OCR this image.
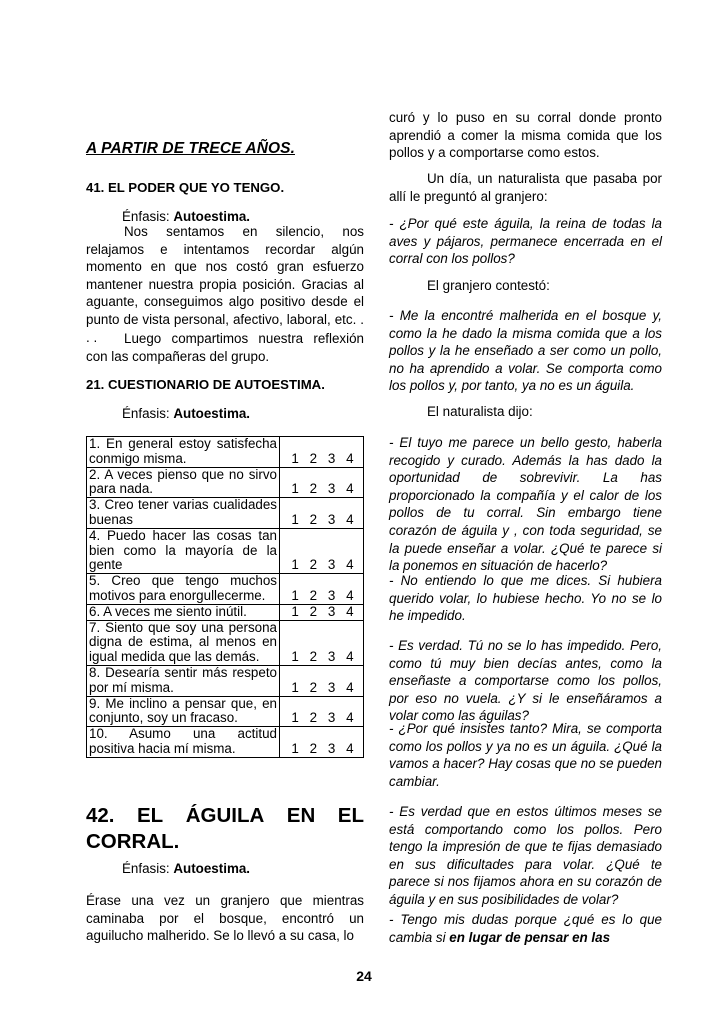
A PARTIR DE TRECE AÑOS.
41. EL PODER QUE YO TENGO.
Énfasis: Autoestima.

Nos sentamos en silencio, nos relajamos e intentamos recordar algún momento en que nos costó gran esfuerzo mantener nuestra propia posición. Gracias al aguante, conseguimos algo positivo desde el punto de vista personal, afectivo, laboral, etc. . . .	Luego compartimos nuestra reflexión con las compañeras del grupo.

21. CUESTIONARIO DE AUTOESTIMA.
Énfasis: Autoestima.
1. En general estoy satisfecha
conmigo misma.	1 2 3 4

2. A veces pienso que no sirvo
para nada.	1 2 3 4

3. Creo tener varias cualidades
buenas	1 2 3 4

4. Puedo hacer las cosas tan
bien como la mayoría de la
gente	1 2 3 4

5. Creo que tengo muchos
motivos para enorgullecerme.	1 2 3 4

6. A veces me siento inútil.	1 2 3 4

7. Siento que soy una persona
digna de estima, al menos en
igual medida que las demás.	1 2 3 4

8. Desearía sentir más respeto
por mí misma.	1 2 3 4

9. Me inclino a pensar que, en
conjunto, soy un fracaso.	1 2 3 4

10. Asumo una actitud
positiva hacia mí misma.	1 2 3 4
42. EL ÁGUILA EN EL
CORRAL.
Énfasis: Autoestima.

Érase una vez un granjero que mientras caminaba por el bosque, encontró un aguilucho malherido. Se lo llevó a su casa, lo

curó y lo puso en su corral donde pronto aprendió a comer la misma comida que los pollos y a comportarse como estos.

Un día, un naturalista que pasaba por allí le preguntó al granjero:

- ¿Por qué este águila, la reina de todas la aves y pájaros, permanece encerrada en el corral con los pollos?

El granjero contestó:

- Me la encontré malherida en el bosque y, como la he dado la misma comida que a los pollos y la he enseñado a ser como un pollo, no ha aprendido a volar. Se comporta como los pollos y, por tanto, ya no es un águila.

El naturalista dijo:

- El tuyo me parece un bello gesto, haberla recogido y curado. Además la has dado la oportunidad de sobrevivir. La has proporcionado la compañía y el calor de los pollos de tu corral. Sin embargo tiene corazón de águila y , con toda seguridad, se la puede enseñar a volar. ¿Qué te parece si la ponemos en situación de hacerlo?

- No entiendo lo que me dices. Si hubiera querido volar, lo hubiese hecho. Yo no se lo he impedido.

- Es verdad. Tú no se lo has impedido. Pero, como tú muy bien decías antes, como la enseñaste a comportarse como los pollos, por eso no vuela. ¿Y si le enseñáramos a volar como las águilas?

- ¿Por qué insistes tanto? Mira, se comporta como los pollos y ya no es un águila. ¿Qué la vamos a hacer? Hay cosas que no se pueden cambiar.

- Es verdad que en estos últimos meses se está comportando como los pollos. Pero tengo la impresión de que te fijas demasiado en sus dificultades para volar. ¿Qué te parece si nos fijamos ahora en su corazón de águila y en sus posibilidades de volar?

- Tengo mis dudas porque ¿qué es lo que cambia si en lugar de pensar en las

24
